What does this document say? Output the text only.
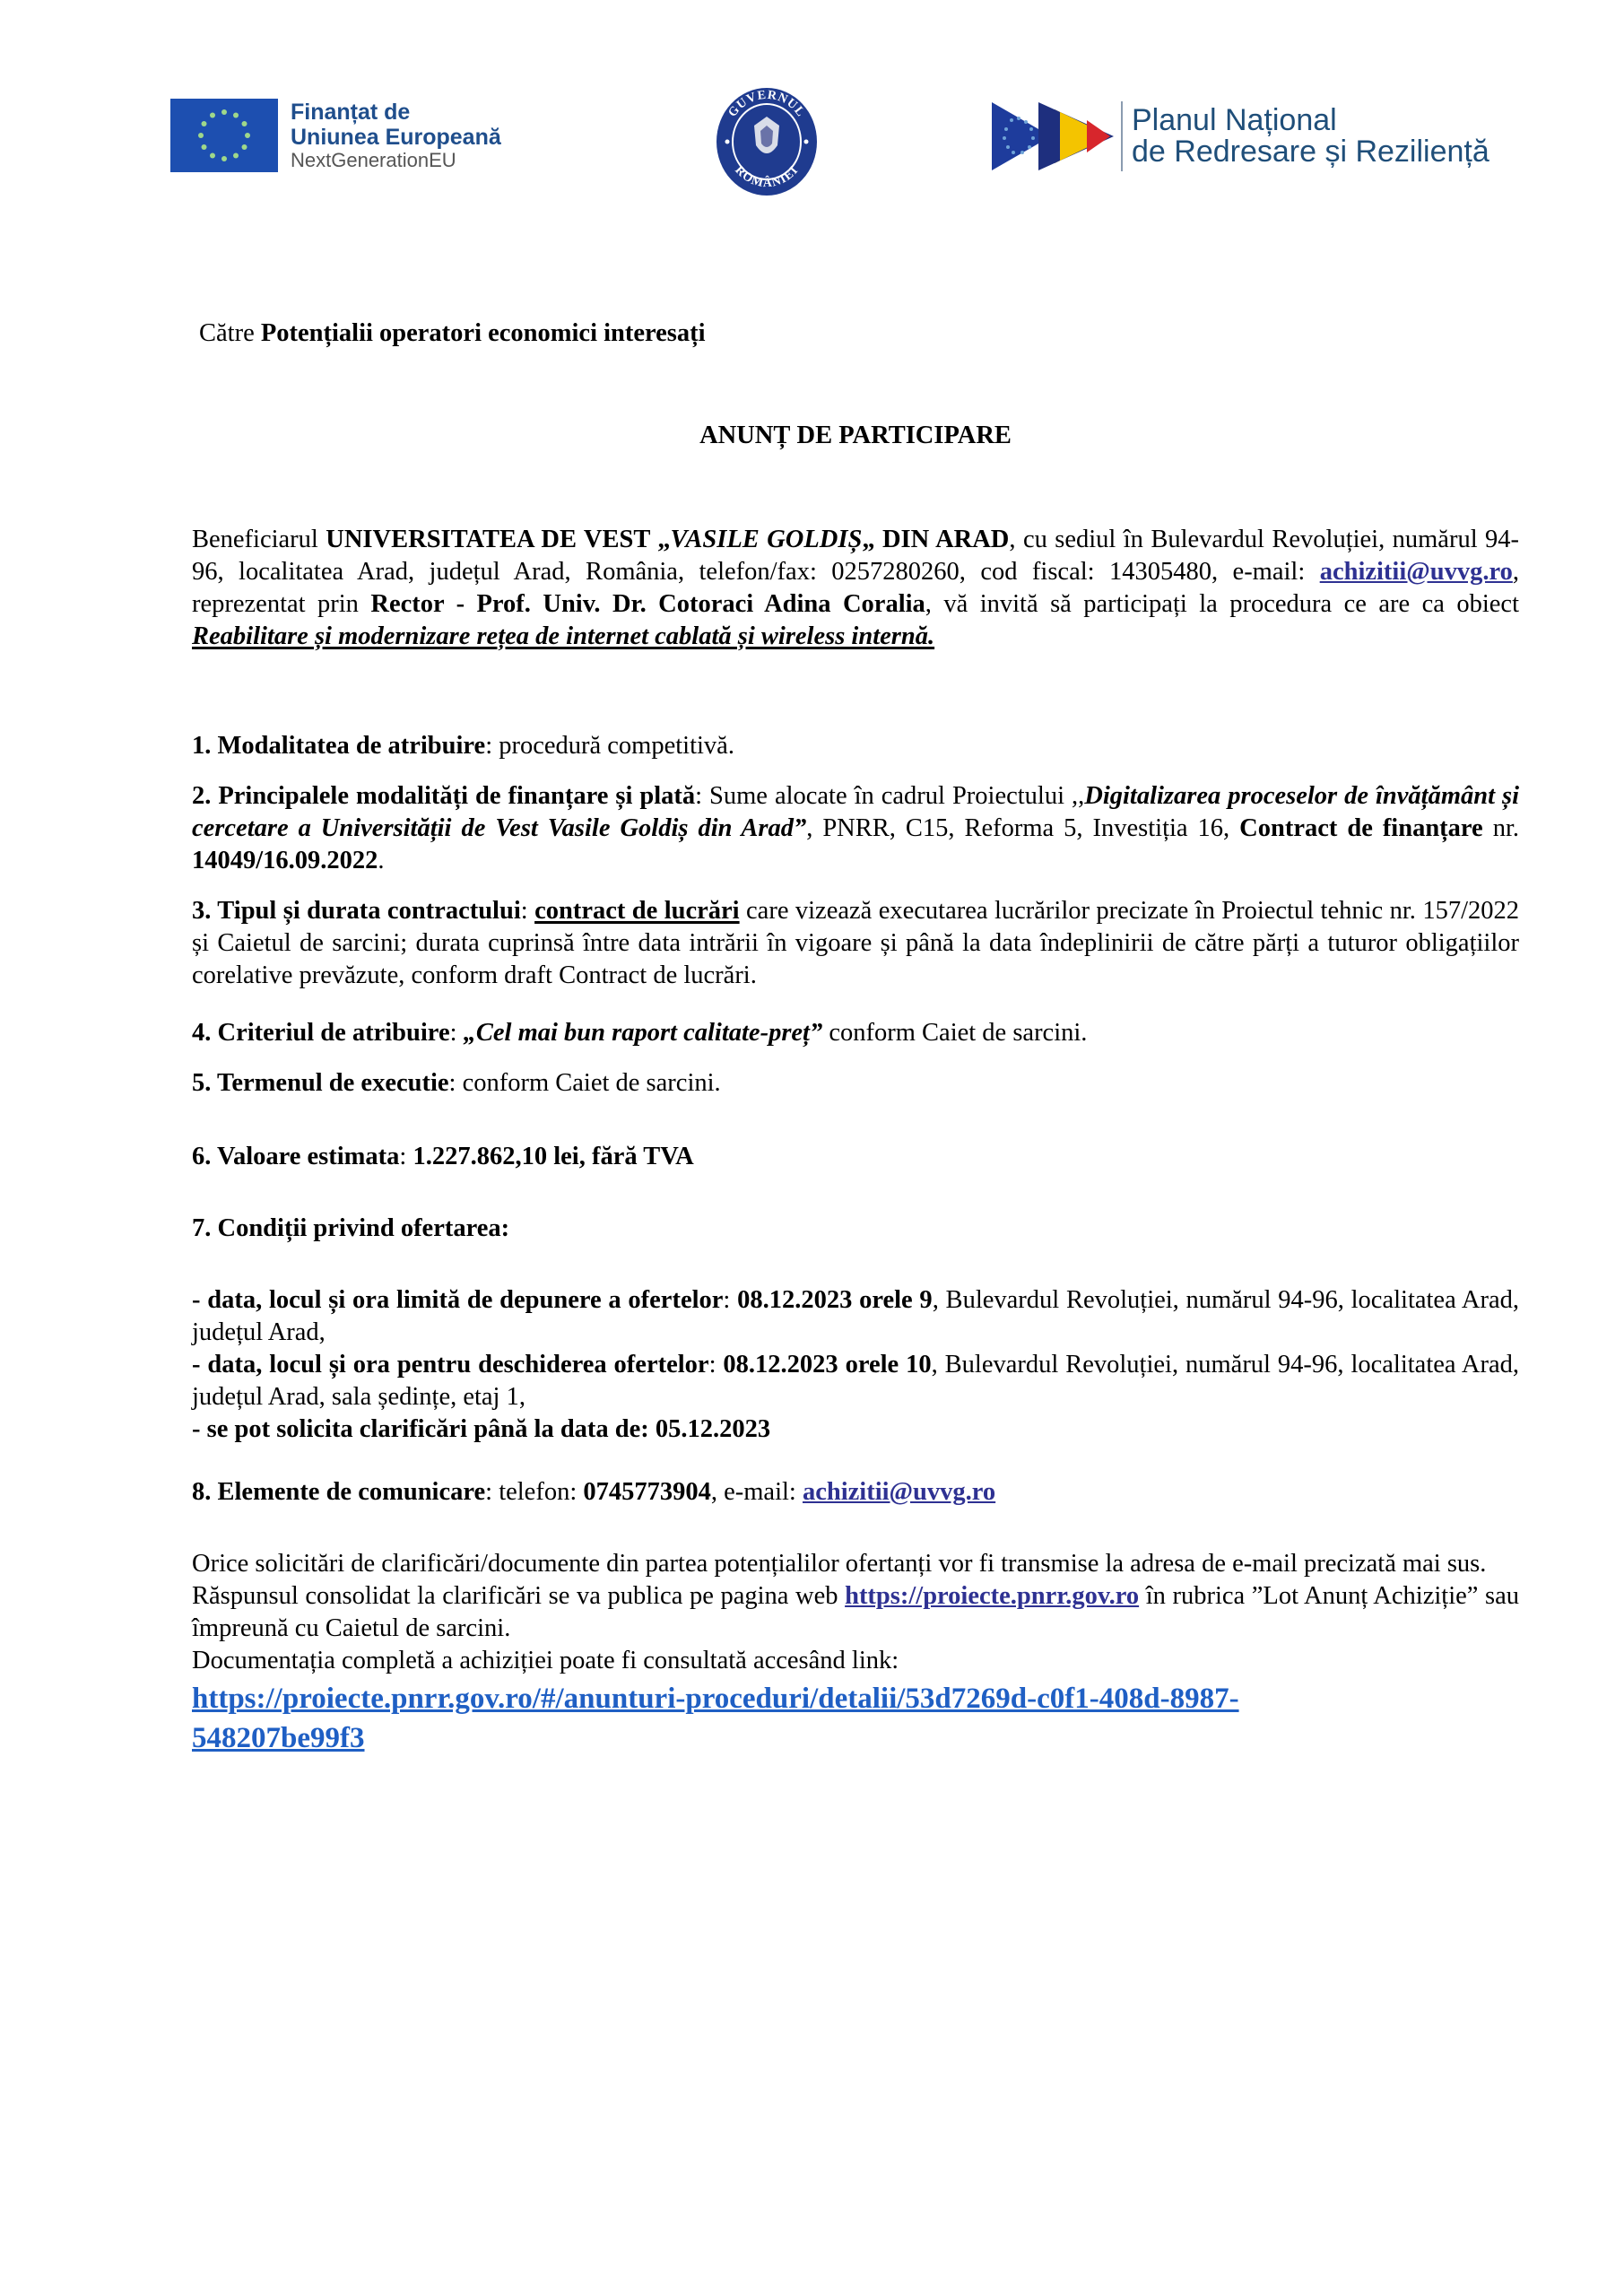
Finanțat de
Uniunea Europeană
NextGenerationEU
GUVERNUL
ROMÂNIEI
Planul Național
de Redresare și Reziliență
Către Potențialii operatori economici interesați
ANUNȚ DE PARTICIPARE
Beneficiarul UNIVERSITATEA DE VEST „VASILE GOLDIȘ„ DIN ARAD, cu sediul în Bulevardul Revoluției, numărul 94-96, localitatea Arad, județul Arad, România, telefon/fax: 0257280260, cod fiscal: 14305480, e-mail: achizitii@uvvg.ro, reprezentat prin Rector - Prof. Univ. Dr. Cotoraci Adina Coralia, vă invită să participați la procedura ce are ca obiect Reabilitare și modernizare rețea de internet cablată și wireless internă.
1. Modalitatea de atribuire: procedură competitivă.
2. Principalele modalități de finanțare și plată: Sume alocate în cadrul Proiectului ,,Digitalizarea proceselor de învățământ și cercetare a Universității de Vest Vasile Goldiș din Arad”, PNRR, C15, Reforma 5, Investiția 16, Contract de finanțare nr. 14049/16.09.2022.
3. Tipul și durata contractului: contract de lucrări care vizează executarea lucrărilor precizate în Proiectul tehnic nr. 157/2022 și Caietul de sarcini; durata cuprinsă între data intrării în vigoare și până la data îndeplinirii de către părți a tuturor obligațiilor corelative prevăzute, conform draft Contract de lucrări.
4. Criteriul de atribuire: „Cel mai bun raport calitate-preț” conform Caiet de sarcini.
5. Termenul de executie: conform Caiet de sarcini.
6. Valoare estimata: 1.227.862,10 lei, fără TVA
7. Condiții privind ofertarea:
- data, locul și ora limită de depunere a ofertelor: 08.12.2023 orele 9, Bulevardul Revoluției, numărul 94-96, localitatea Arad, județul Arad,
- data, locul și ora pentru deschiderea ofertelor: 08.12.2023 orele 10, Bulevardul Revoluției, numărul 94-96, localitatea Arad, județul Arad, sala ședințe, etaj 1,
- se pot solicita clarificări până la data de: 05.12.2023
8. Elemente de comunicare: telefon: 0745773904, e-mail: achizitii@uvvg.ro
Orice solicitări de clarificări/documente din partea potențialilor ofertanți vor fi transmise la adresa de e-mail precizată mai sus.
Răspunsul consolidat la clarificări se va publica pe pagina web https://proiecte.pnrr.gov.ro în rubrica ”Lot Anunț Achiziție” sau împreună cu Caietul de sarcini.
Documentația completă a achiziției poate fi consultată accesând link:
https://proiecte.pnrr.gov.ro/#/anunturi-proceduri/detalii/53d7269d-c0f1-408d-8987-
548207be99f3
